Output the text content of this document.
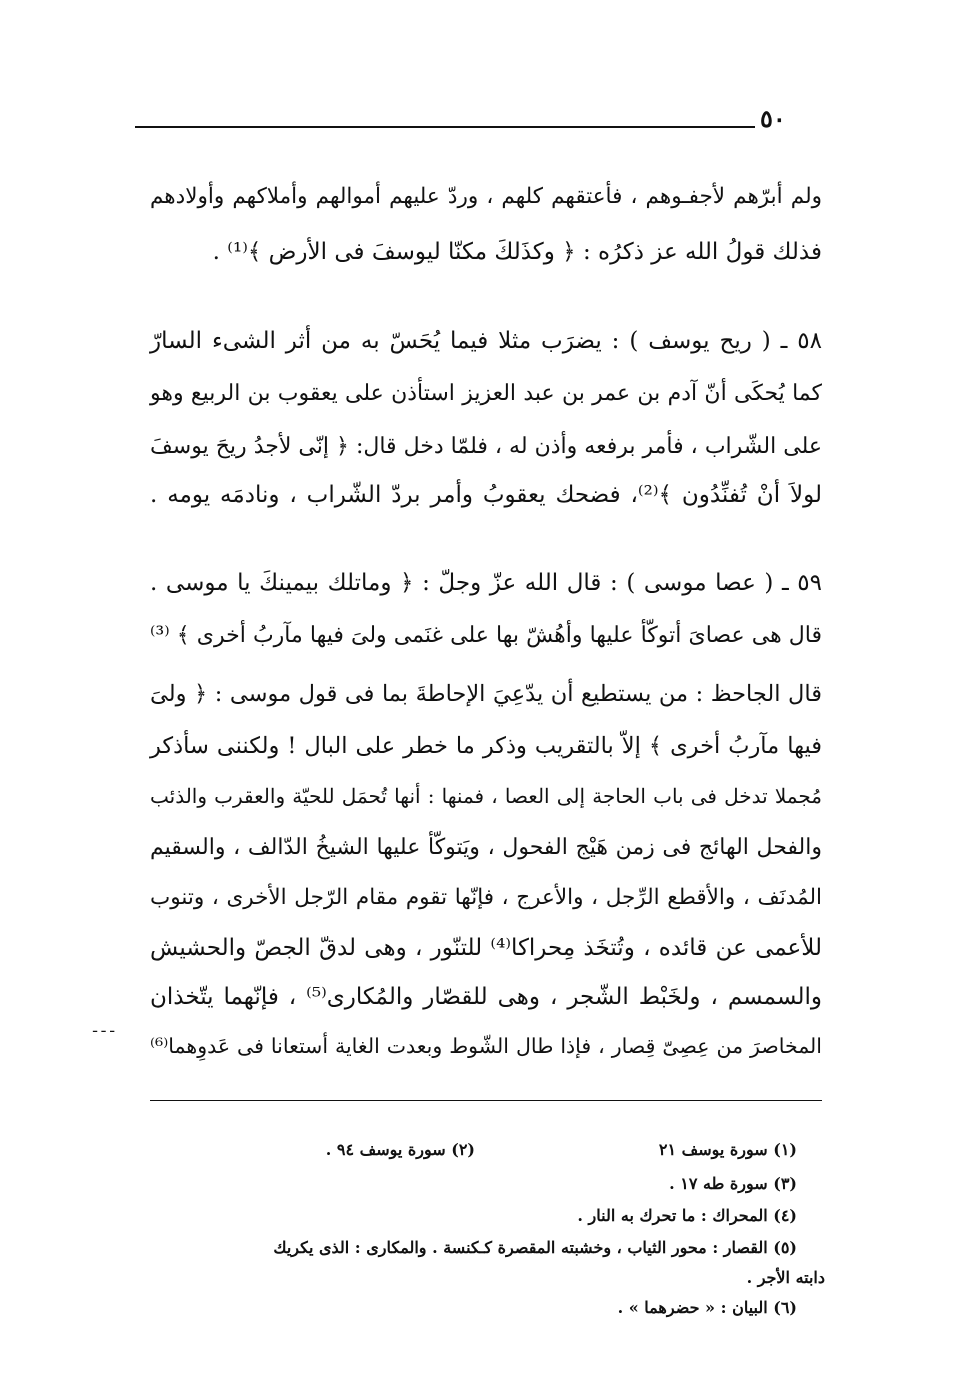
٥٠
ولم أبرّهم لأجفـوهم ، فأعتقهم كلهم ، وردّ عليهم أموالهم وأملاكهم وأولادهم
فذلك قولُ الله عز ذكرُه : ﴿ وكذَلكَ مكنّا ليوسفَ فى الأرض ﴾⁽¹⁾ .
٥٨ ـ ( ريح يوسف ) : يضرَب مثلا فيما يُحَسّ به من أثر الشىء السارّ
كما يُحكَى أنّ آدم بن عمر بن عبد العزيز استأذن على يعقوب بن الربيع وهو
على الشّراب ، فأمر برفعه وأذن له ، فلمّا دخل قال: ﴿ إنّى لأجدُ ريحَ يوسفَ
لولاَ أنْ تُفنِّدُون ﴾⁽²⁾، فضحك يعقوبُ وأمر بردّ الشّراب ، ونادمَه يومه .
٥٩ ـ ( عصا موسى ) : قال الله عزّ وجلّ : ﴿ وماتلك بيمينكَ يا موسى .
قال هى عصاىَ أتوكّأ عليها وأهُشّ بها على غنَمى ولىَ فيها مآربُ أخرى ﴾ ⁽³⁾
قال الجاحظ : من يستطيع أن يدّعِيَ الإحاطةَ بما فى قول موسى : ﴿ ولىَ
فيها مآربُ أخرى ﴾ إلاّ بالتقريب وذكر ما خطر على البال ! ولكننى سأذكر
مُجملا تدخل فى باب الحاجة إلى العصا ، فمنها : أنها تُحمَل للحيّة والعقرب والذئب
والفحل الهائج فى زمن هَيْج الفحول ، ويَتوكّأ عليها الشيخُ الدّالف ، والسقيم
المُدنَف ، والأقطع الرِّجل ، والأعرج ، فإنّها تقوم مقام الرّجل الأخرى ، وتنوب
للأعمى عن قائده ، وتُتخَذ مِحراكا⁽⁴⁾ للتنّور ، وهى لدقّ الجصّ والحشيش
والسمسم ، ولخَبْط الشّجر ، وهى للقصّار والمُكارى⁽⁵⁾ ، فإنّهما يتّخذان
المخاصرَ من عِصِىّ قِصار ، فإذا طال الشّوط وبعدت الغاية أستعانا فى عَدوِهما⁽⁶⁾
ـ ـ ـ
(١) سورة يوسف ٢١
(٢) سورة يوسف ٩٤ .
(٣) سورة طه ١٧ .
(٤) المحراك : ما تحرك به النار .
(٥) القصار : محور الثياب ، وخشبته المقصرة كـكنسة . والمكارى : الذى يكريك
دابته الأجر .
(٦) البيان : « حضرهما » .
